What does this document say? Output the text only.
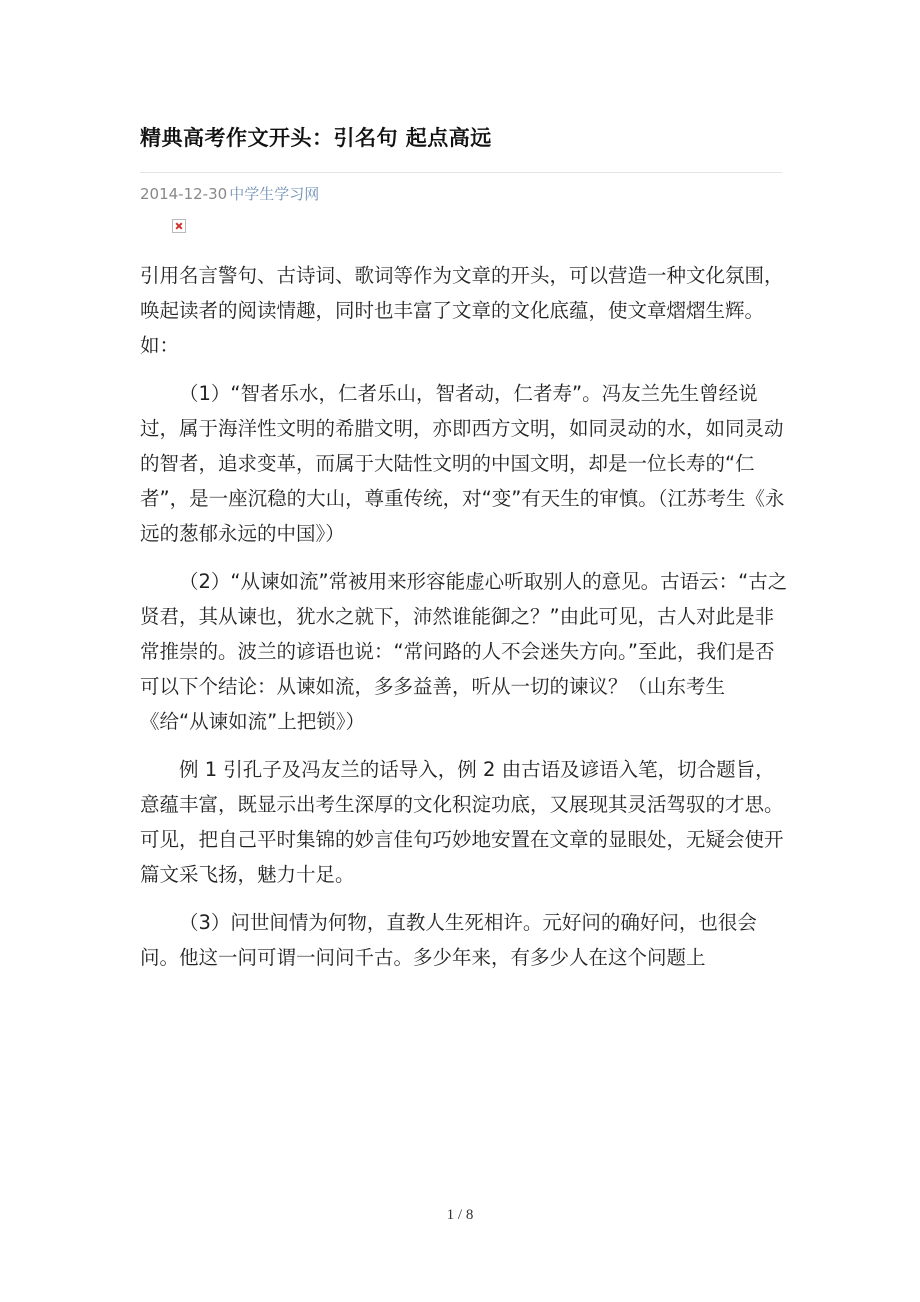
精典高考作文开头：引名句 起点高远
2014-12-30 中学生学习网

引用名言警句、古诗词、歌词等作为文章的开头，可以营造一种文化氛围，唤起读者的阅读情趣，同时也丰富了文章的文化底蕴，使文章熠熠生辉。如：

（1）“智者乐水，仁者乐山，智者动，仁者寿”。冯友兰先生曾经说过，属于海洋性文明的希腊文明，亦即西方文明，如同灵动的水，如同灵动的智者，追求变革，而属于大陆性文明的中国文明，却是一位长寿的“仁者”，是一座沉稳的大山，尊重传统，对“变”有天生的审慎。（江苏考生《永远的葱郁永远的中国》）

（2）“从谏如流”常被用来形容能虚心听取别人的意见。古语云：“古之贤君，其从谏也，犹水之就下，沛然谁能御之？”由此可见，古人对此是非常推崇的。波兰的谚语也说：“常问路的人不会迷失方向。”至此，我们是否可以下个结论：从谏如流，多多益善，听从一切的谏议？（山东考生《给“从谏如流”上把锁》）

例 1 引孔子及冯友兰的话导入，例 2 由古语及谚语入笔，切合题旨，意蕴丰富，既显示出考生深厚的文化积淀功底，又展现其灵活驾驭的才思。可见，把自己平时集锦的妙言佳句巧妙地安置在文章的显眼处，无疑会使开篇文采飞扬，魅力十足。

（3）问世间情为何物，直教人生死相许。元好问的确好问，也很会问。他这一问可谓一问问千古。多少年来，有多少人在这个问题上

1 / 8
